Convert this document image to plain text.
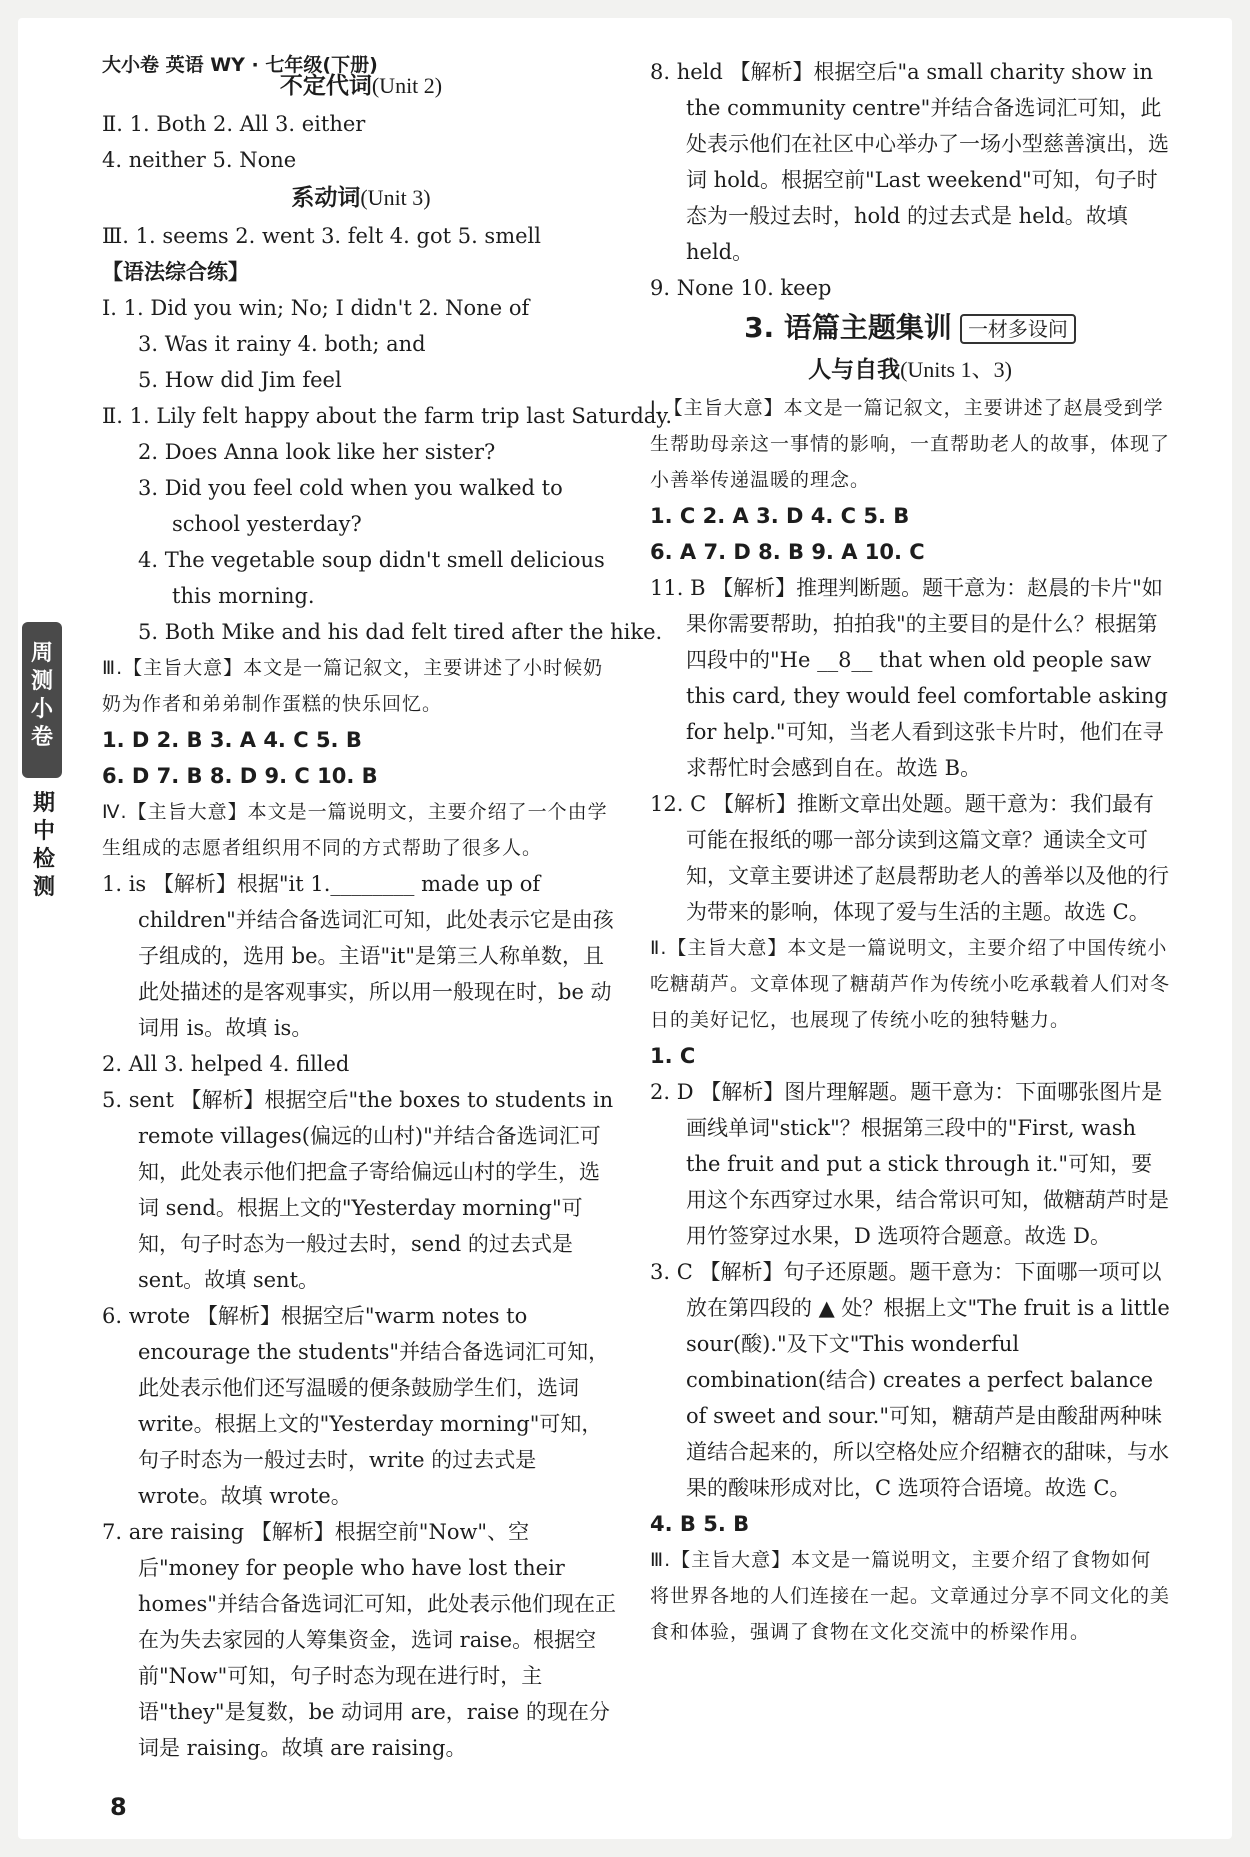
大小卷 英语 WY · 七年级(下册)
周测小卷
期中检测
不定代词(Unit 2)
Ⅱ. 1. Both 2. All 3. either
4. neither 5. None
系动词(Unit 3)
Ⅲ. 1. seems 2. went 3. felt 4. got 5. smell
【语法综合练】
Ⅰ. 1. Did you win; No; I didn't 2. None of
3. Was it rainy 4. both; and
5. How did Jim feel
Ⅱ. 1. Lily felt happy about the farm trip last Saturday.
2. Does Anna look like her sister?
3. Did you feel cold when you walked to school yesterday?
4. The vegetable soup didn't smell delicious this morning.
5. Both Mike and his dad felt tired after the hike.
Ⅲ.【主旨大意】本文是一篇记叙文，主要讲述了小时候奶奶为作者和弟弟制作蛋糕的快乐回忆。
1. D 2. B 3. A 4. C 5. B
6. D 7. B 8. D 9. C 10. B
Ⅳ.【主旨大意】本文是一篇说明文，主要介绍了一个由学生组成的志愿者组织用不同的方式帮助了很多人。
1. is 【解析】根据"it 1.________ made up of children"并结合备选词汇可知，此处表示它是由孩子组成的，选用 be。主语"it"是第三人称单数，且此处描述的是客观事实，所以用一般现在时，be 动词用 is。故填 is。
2. All 3. helped 4. filled
5. sent 【解析】根据空后"the boxes to students in remote villages(偏远的山村)"并结合备选词汇可知，此处表示他们把盒子寄给偏远山村的学生，选词 send。根据上文的"Yesterday morning"可知，句子时态为一般过去时，send 的过去式是 sent。故填 sent。
6. wrote 【解析】根据空后"warm notes to encourage the students"并结合备选词汇可知，此处表示他们还写温暖的便条鼓励学生们，选词 write。根据上文的"Yesterday morning"可知，句子时态为一般过去时，write 的过去式是 wrote。故填 wrote。
7. are raising 【解析】根据空前"Now"、空后"money for people who have lost their homes"并结合备选词汇可知，此处表示他们现在正在为失去家园的人筹集资金，选词 raise。根据空前"Now"可知，句子时态为现在进行时，主语"they"是复数，be 动词用 are，raise 的现在分词是 raising。故填 are raising。
8. held 【解析】根据空后"a small charity show in the community centre"并结合备选词汇可知，此处表示他们在社区中心举办了一场小型慈善演出，选词 hold。根据空前"Last weekend"可知，句子时态为一般过去时，hold 的过去式是 held。故填 held。
9. None 10. keep
3. 语篇主题集训 一材多设问
人与自我(Units 1、3)
Ⅰ.【主旨大意】本文是一篇记叙文，主要讲述了赵晨受到学生帮助母亲这一事情的影响，一直帮助老人的故事，体现了小善举传递温暖的理念。
1. C 2. A 3. D 4. C 5. B
6. A 7. D 8. B 9. A 10. C
11. B 【解析】推理判断题。题干意为：赵晨的卡片"如果你需要帮助，拍拍我"的主要目的是什么？根据第四段中的"He __8__ that when old people saw this card, they would feel comfortable asking for help."可知，当老人看到这张卡片时，他们在寻求帮忙时会感到自在。故选 B。
12. C 【解析】推断文章出处题。题干意为：我们最有可能在报纸的哪一部分读到这篇文章？通读全文可知，文章主要讲述了赵晨帮助老人的善举以及他的行为带来的影响，体现了爱与生活的主题。故选 C。
Ⅱ.【主旨大意】本文是一篇说明文，主要介绍了中国传统小吃糖葫芦。文章体现了糖葫芦作为传统小吃承载着人们对冬日的美好记忆，也展现了传统小吃的独特魅力。
1. C
2. D 【解析】图片理解题。题干意为：下面哪张图片是画线单词"stick"？根据第三段中的"First, wash the fruit and put a stick through it."可知，要用这个东西穿过水果，结合常识可知，做糖葫芦时是用竹签穿过水果，D 选项符合题意。故选 D。
3. C 【解析】句子还原题。题干意为：下面哪一项可以放在第四段的 ▲ 处？根据上文"The fruit is a little sour(酸)."及下文"This wonderful combination(结合) creates a perfect balance of sweet and sour."可知，糖葫芦是由酸甜两种味道结合起来的，所以空格处应介绍糖衣的甜味，与水果的酸味形成对比，C 选项符合语境。故选 C。
4. B 5. B
Ⅲ.【主旨大意】本文是一篇说明文，主要介绍了食物如何将世界各地的人们连接在一起。文章通过分享不同文化的美食和体验，强调了食物在文化交流中的桥梁作用。
8
